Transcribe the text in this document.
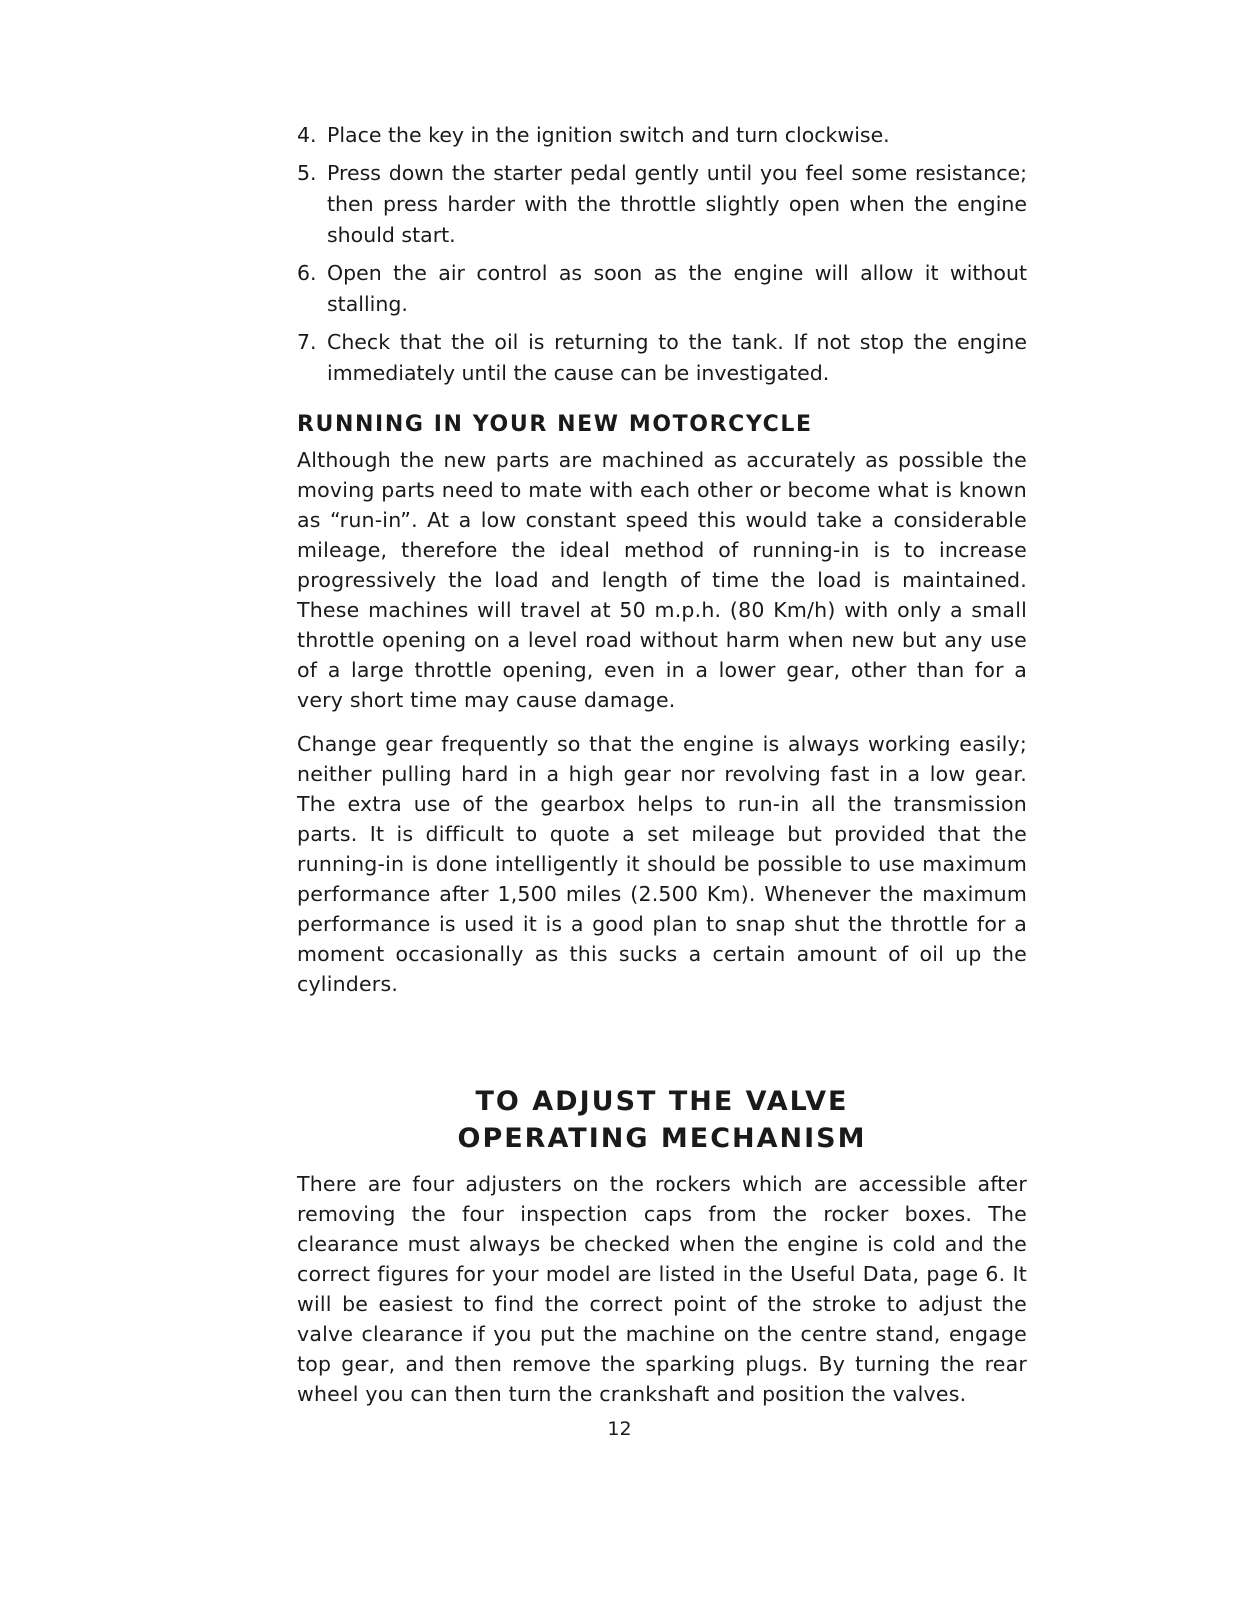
4. Place the key in the ignition switch and turn clockwise.
5. Press down the starter pedal gently until you feel some resistance; then press harder with the throttle slightly open when the engine should start.
6. Open the air control as soon as the engine will allow it without stalling.
7. Check that the oil is returning to the tank. If not stop the engine immediately until the cause can be investigated.
RUNNING IN YOUR NEW MOTORCYCLE

Although the new parts are machined as accurately as possible the moving parts need to mate with each other or become what is known as “run-in”. At a low constant speed this would take a considerable mileage, therefore the ideal method of running-in is to increase progressively the load and length of time the load is maintained. These machines will travel at 50 m.p.h. (80 Km/h) with only a small throttle opening on a level road without harm when new but any use of a large throttle opening, even in a lower gear, other than for a very short time may cause damage.

Change gear frequently so that the engine is always working easily; neither pulling hard in a high gear nor revolving fast in a low gear. The extra use of the gearbox helps to run-in all the transmission parts. It is difficult to quote a set mileage but provided that the running-in is done intelligently it should be possible to use maximum performance after 1,500 miles (2.500 Km). Whenever the maximum performance is used it is a good plan to snap shut the throttle for a moment occasionally as this sucks a certain amount of oil up the cylinders.

TO ADJUST THE VALVE
OPERATING MECHANISM

There are four adjusters on the rockers which are accessible after removing the four inspection caps from the rocker boxes. The clearance must always be checked when the engine is cold and the correct figures for your model are listed in the Useful Data, page 6. It will be easiest to find the correct point of the stroke to adjust the valve clearance if you put the machine on the centre stand, engage top gear, and then remove the sparking plugs. By turning the rear wheel you can then turn the crankshaft and position the valves.

12
